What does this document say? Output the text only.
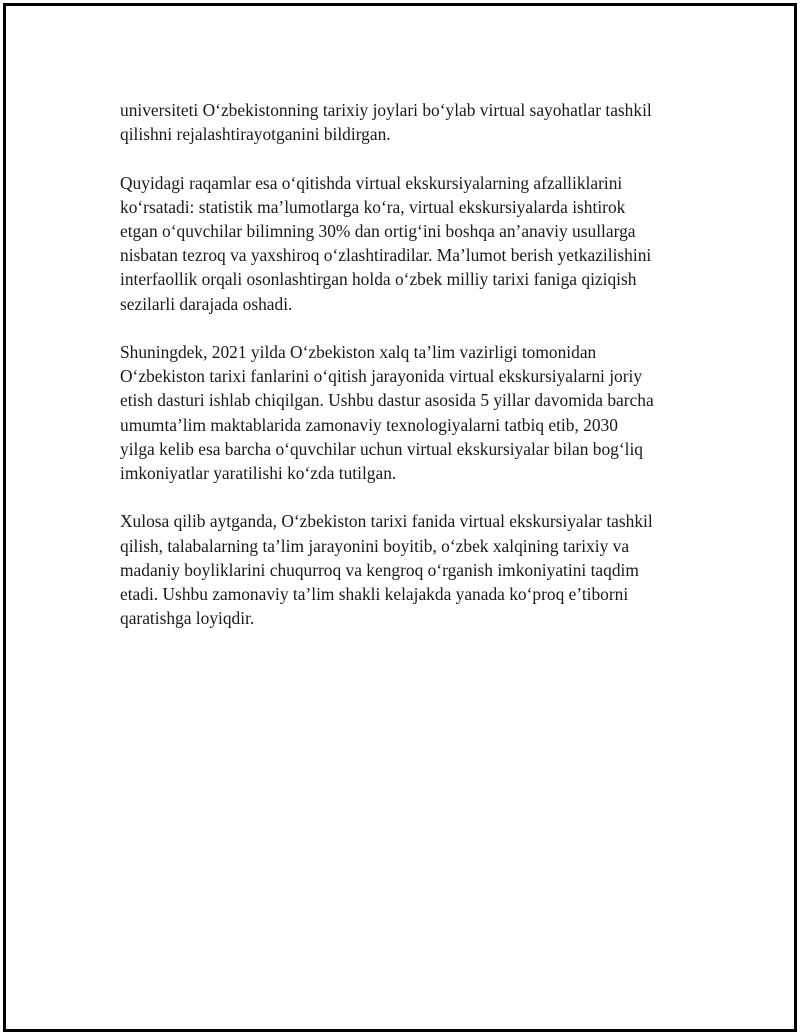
universiteti O‘zbekistonning tarixiy joylari bo‘ylab virtual sayohatlar tashkil
qilishni rejalashtirayotganini bildirgan.

Quyidagi raqamlar esa o‘qitishda virtual ekskursiyalarning afzalliklarini
ko‘rsatadi: statistik ma’lumotlarga ko‘ra, virtual ekskursiyalarda ishtirok
etgan o‘quvchilar bilimning 30% dan ortig‘ini boshqa an’anaviy usullarga
nisbatan tezroq va yaxshiroq o‘zlashtiradilar. Ma’lumot berish yetkazilishini
interfaollik orqali osonlashtirgan holda o‘zbek milliy tarixi faniga qiziqish
sezilarli darajada oshadi.

Shuningdek, 2021 yilda O‘zbekiston xalq ta’lim vazirligi tomonidan
O‘zbekiston tarixi fanlarini o‘qitish jarayonida virtual ekskursiyalarni joriy
etish dasturi ishlab chiqilgan. Ushbu dastur asosida 5 yillar davomida barcha
umumta’lim maktablarida zamonaviy texnologiyalarni tatbiq etib, 2030
yilga kelib esa barcha o‘quvchilar uchun virtual ekskursiyalar bilan bog‘liq
imkoniyatlar yaratilishi ko‘zda tutilgan.

Xulosa qilib aytganda, O‘zbekiston tarixi fanida virtual ekskursiyalar tashkil
qilish, talabalarning ta’lim jarayonini boyitib, o‘zbek xalqining tarixiy va
madaniy boyliklarini chuqurroq va kengroq o‘rganish imkoniyatini taqdim
etadi. Ushbu zamonaviy ta’lim shakli kelajakda yanada ko‘proq e’tiborni
qaratishga loyiqdir.
